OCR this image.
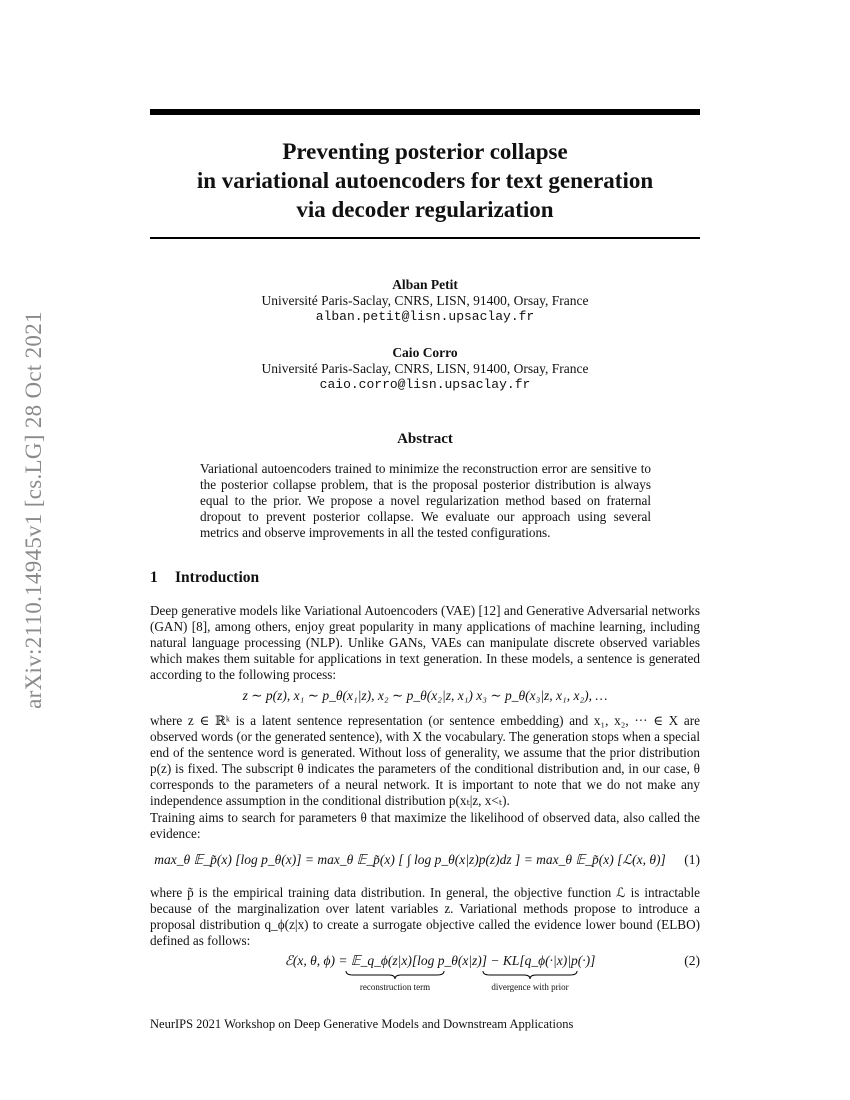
arXiv:2110.14945v1 [cs.LG] 28 Oct 2021
Preventing posterior collapse
in variational autoencoders for text generation
via decoder regularization
Alban Petit
Université Paris-Saclay, CNRS, LISN, 91400, Orsay, France
alban.petit@lisn.upsaclay.fr
Caio Corro
Université Paris-Saclay, CNRS, LISN, 91400, Orsay, France
caio.corro@lisn.upsaclay.fr
Abstract
Variational autoencoders trained to minimize the reconstruction error are sensitive to the posterior collapse problem, that is the proposal posterior distribution is always equal to the prior. We propose a novel regularization method based on fraternal dropout to prevent posterior collapse. We evaluate our approach using several metrics and observe improvements in all the tested configurations.
1 Introduction
Deep generative models like Variational Autoencoders (VAE) [12] and Generative Adversarial networks (GAN) [8], among others, enjoy great popularity in many applications of machine learning, including natural language processing (NLP). Unlike GANs, VAEs can manipulate discrete observed variables which makes them suitable for applications in text generation. In these models, a sentence is generated according to the following process:
z ∼ p(z), x₁ ∼ p_θ(x₁|z), x₂ ∼ p_θ(x₂|z, x₁) x₃ ∼ p_θ(x₃|z, x₁, x₂), …
where z ∈ ℝᵏ is a latent sentence representation (or sentence embedding) and x₁, x₂, ··· ∈ X are observed words (or the generated sentence), with X the vocabulary. The generation stops when a special end of the sentence word is generated. Without loss of generality, we assume that the prior distribution p(z) is fixed. The subscript θ indicates the parameters of the conditional distribution and, in our case, θ corresponds to the parameters of a neural network. It is important to note that we do not make any independence assumption in the conditional distribution p(xₜ|z, x<ₜ).
Training aims to search for parameters θ that maximize the likelihood of observed data, also called the evidence:
max_θ 𝔼_p̃(x) [log p_θ(x)] = max_θ 𝔼_p̃(x) [ ∫ log p_θ(x|z)p(z)dz ] = max_θ 𝔼_p̃(x) [ℒ(x, θ)]	(1)
where p̃ is the empirical training data distribution. In general, the objective function ℒ is intractable because of the marginalization over latent variables z. Variational methods propose to introduce a proposal distribution q_ϕ(z|x) to create a surrogate objective called the evidence lower bound (ELBO) defined as follows:
ℰ(x, θ, ϕ) = 𝔼_q_ϕ(z|x)[log p_θ(x|z)] − KL[q_ϕ(·|x)|p(·)]	(2)
reconstruction term	divergence with prior
NeurIPS 2021 Workshop on Deep Generative Models and Downstream Applications
